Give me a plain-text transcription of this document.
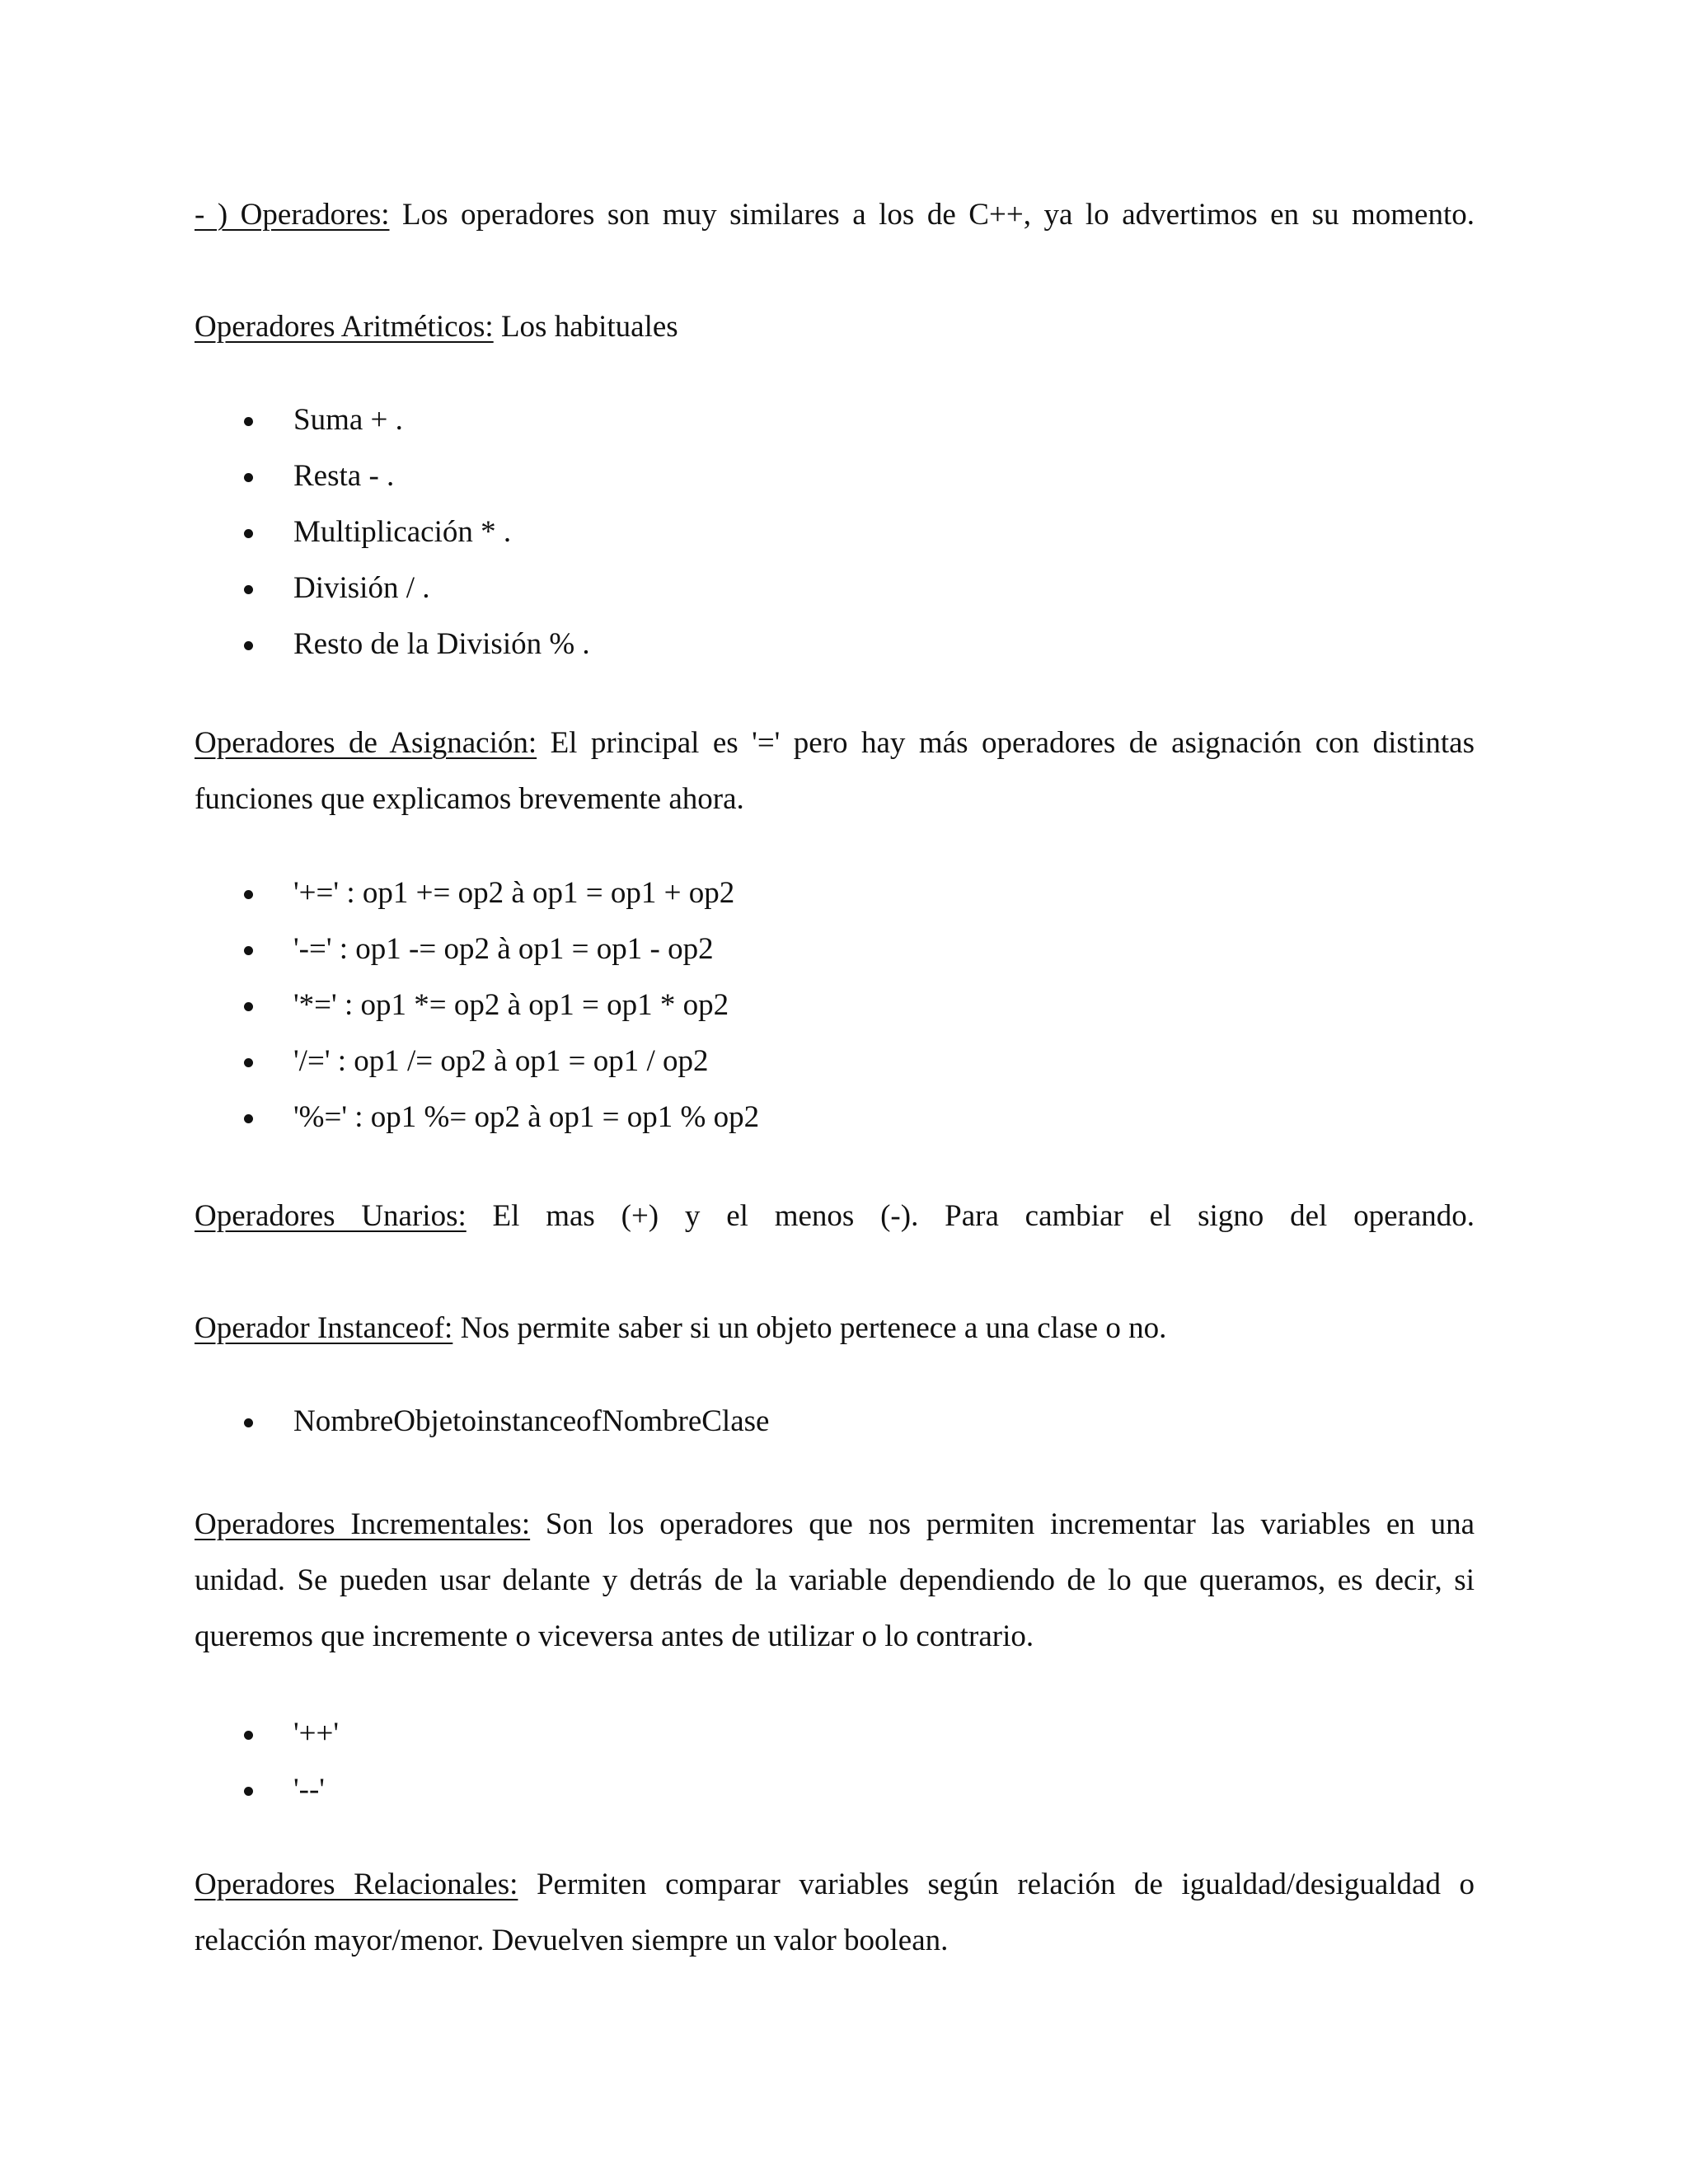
- ) Operadores: Los operadores son muy similares a los de C++, ya lo advertimos en su momento.

Operadores Aritméticos: Los habituales

Suma + .
Resta - .
Multiplicación * .
División / .
Resto de la División % .

Operadores de Asignación: El principal es '=' pero hay más operadores de asignación con distintas funciones que explicamos brevemente ahora.

'+=' : op1 += op2 à op1 = op1 + op2
'-=' : op1 -= op2 à op1 = op1 - op2
'*=' : op1 *= op2 à op1 = op1 * op2
'/=' : op1 /= op2 à op1 = op1 / op2
'%=' : op1 %= op2 à op1 = op1 % op2

Operadores Unarios: El mas (+) y el menos (-). Para cambiar el signo del operando.

Operador Instanceof: Nos permite saber si un objeto pertenece a una clase o no.

NombreObjetoinstanceofNombreClase

Operadores Incrementales: Son los operadores que nos permiten incrementar las variables en una unidad. Se pueden usar delante y detrás de la variable dependiendo de lo que queramos, es decir, si queremos que incremente o viceversa antes de utilizar o lo contrario.

'++'
'--'

Operadores Relacionales: Permiten comparar variables según relación de igualdad/desigualdad o relacción mayor/menor. Devuelven siempre un valor boolean.
